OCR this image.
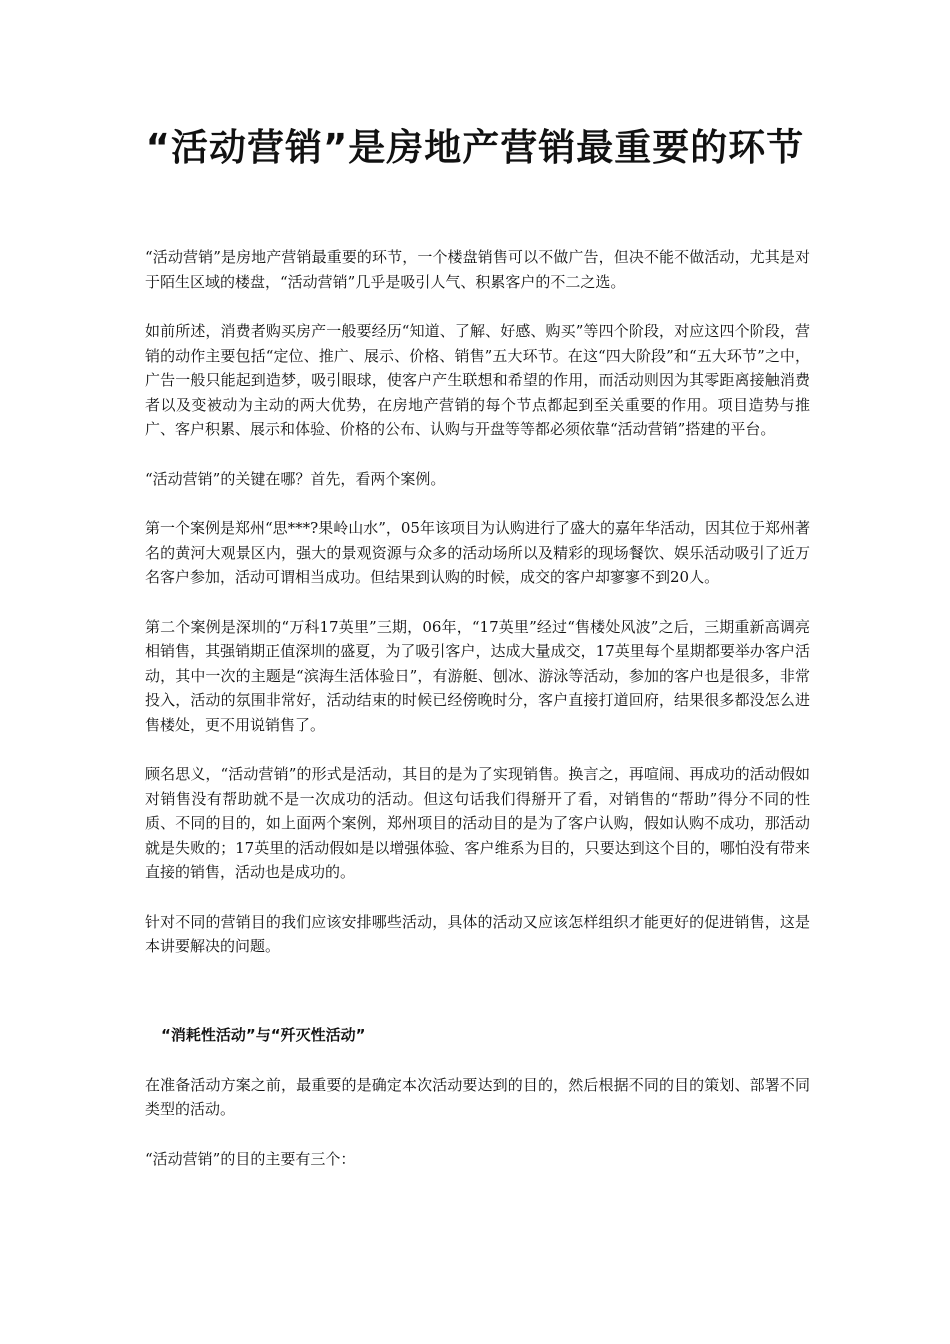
“活动营销”是房地产营销最重要的环节

“活动营销”是房地产营销最重要的环节，一个楼盘销售可以不做广告，但决不能不做活动，尤其是对于陌生区域的楼盘，“活动营销”几乎是吸引人气、积累客户的不二之选。

如前所述，消费者购买房产一般要经历“知道、了解、好感、购买”等四个阶段，对应这四个阶段，营销的动作主要包括“定位、推广、展示、价格、销售”五大环节。在这“四大阶段”和“五大环节”之中，广告一般只能起到造梦，吸引眼球，使客户产生联想和希望的作用，而活动则因为其零距离接触消费者以及变被动为主动的两大优势，在房地产营销的每个节点都起到至关重要的作用。项目造势与推广、客户积累、展示和体验、价格的公布、认购与开盘等等都必须依靠“活动营销”搭建的平台。

“活动营销”的关键在哪？首先，看两个案例。

第一个案例是郑州“思***?果岭山水”，05年该项目为认购进行了盛大的嘉年华活动，因其位于郑州著名的黄河大观景区内，强大的景观资源与众多的活动场所以及精彩的现场餐饮、娱乐活动吸引了近万名客户参加，活动可谓相当成功。但结果到认购的时候，成交的客户却寥寥不到20人。

第二个案例是深圳的“万科17英里”三期，06年，“17英里”经过“售楼处风波”之后，三期重新高调亮相销售，其强销期正值深圳的盛夏，为了吸引客户，达成大量成交，17英里每个星期都要举办客户活动，其中一次的主题是“滨海生活体验日”，有游艇、刨冰、游泳等活动，参加的客户也是很多，非常投入，活动的氛围非常好，活动结束的时候已经傍晚时分，客户直接打道回府，结果很多都没怎么进售楼处，更不用说销售了。

顾名思义，“活动营销”的形式是活动，其目的是为了实现销售。换言之，再喧闹、再成功的活动假如对销售没有帮助就不是一次成功的活动。但这句话我们得掰开了看，对销售的“帮助”得分不同的性质、不同的目的，如上面两个案例，郑州项目的活动目的是为了客户认购，假如认购不成功，那活动就是失败的；17英里的活动假如是以增强体验、客户维系为目的，只要达到这个目的，哪怕没有带来直接的销售，活动也是成功的。

针对不同的营销目的我们应该安排哪些活动，具体的活动又应该怎样组织才能更好的促进销售，这是本讲要解决的问题。

“消耗性活动”与“歼灭性活动”

在准备活动方案之前，最重要的是确定本次活动要达到的目的，然后根据不同的目的策划、部署不同类型的活动。

“活动营销”的目的主要有三个：
